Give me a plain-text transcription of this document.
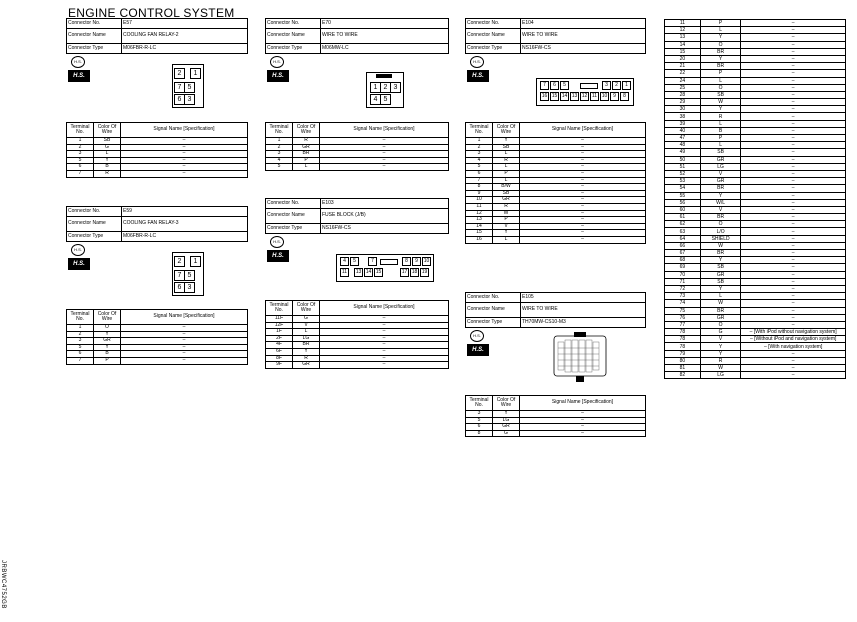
ENGINE CONTROL SYSTEM
JRBWC4752GB
Connector No.	E57
Connector Name	COOLING FAN RELAY-2
Connector Type	M06FBR-R-LC
H.S.
H.S.	2	1
7 5
6 3
Terminal No.	Color Of Wire	Signal Name [Specification]
1	SB	–
2	G	–
3	L	–
5	Y	–
6	B	–
7	R	–
Connector No.	E59
Connector Name	COOLING FAN RELAY-3
Connector Type	M06FBR-R-LC
H.S.
H.S.	2	1
7 5
6 3
Terminal No.	Color Of Wire	Signal Name [Specification]
1	O	–
2	Y	–
3	GR	–
5	Y	–
6	B	–
7	P	–
Connector No.	E70
Connector Name	WIRE TO WIRE
Connector Type	M06MW-LC
H.S.
H.S.
1 2 3
4 5
Terminal No.	Color Of Wire	Signal Name [Specification]
1	R	–
2	GR	–
3	BR	–
4	P	–
5	L	–
Connector No.	E103
Connector Name	FUSE BLOCK (J/B)
Connector Type	NS16FW-CS
H.S.
H.S.
4	5	7	8	9	10
11	13 14 15	17 18 19
Terminal No.	Color Of Wire	Signal Name [Specification]
11F	G	–
12F	V	–
1F	L	–
2F	LG	–
4F	BR	–
6F	Y	–
8F	R	–
9F	GR	–
Connector No.	E104
Connector Name	WIRE TO WIRE
Connector Type	NS16FW-CS
H.S.
H.S.
7	6	5	3	2	1
16 15 14 13 12 11 10	9	8
Terminal No.	Color Of Wire	Signal Name [Specification]
1	Y	–
2	SB	–
3	L	–
4	R	–
5	L	–
6	P	–
7	L	–
8	B/W	–
9	SB	–
10	GR	–
11	R	–
12	W	–
13	P	–
14	V	–
15	Y	–
16	L	–
Connector No.	E105
Connector Name	WIRE TO WIRE
Connector Type	TH70MW-CS10-M3
H.S.
H.S.
Terminal No.	Color Of Wire	Signal Name [Specification]
3	Y	–
5	LG	–
6	GR	–
8	G	–
11	P	–
12	L	–
13	Y	–
14	O	–
15	BR	–
20	Y	–
21	BR	–
22	P	–
24	L	–
25	O	–
28	SB	–
29	W	–
30	Y	–
38	R	–
39	L	–
40	B	–
47	P	–
48	L	–
49	SB	–
50	GR	–
51	LG	–
52	V	–
53	GR	–
54	BR	–
55	Y	–
56	W/L	–
60	V	–
61	BR	–
62	O	–
63	L/O	–
64	SHIELD	–
66	W	–
67	BR	–
68	Y	–
69	SB	–
70	GR	–
71	SB	–
72	Y	–
73	L	–
74	W	–
75	BR	–
76	GR	–
77	O	–
78	G	– [With iPod without navigation system]
78	V	– [Without iPod and navigation system]
78	Y	– [With navigation system]
79	Y	–
80	R	–
81	W	–
82	LG	–
